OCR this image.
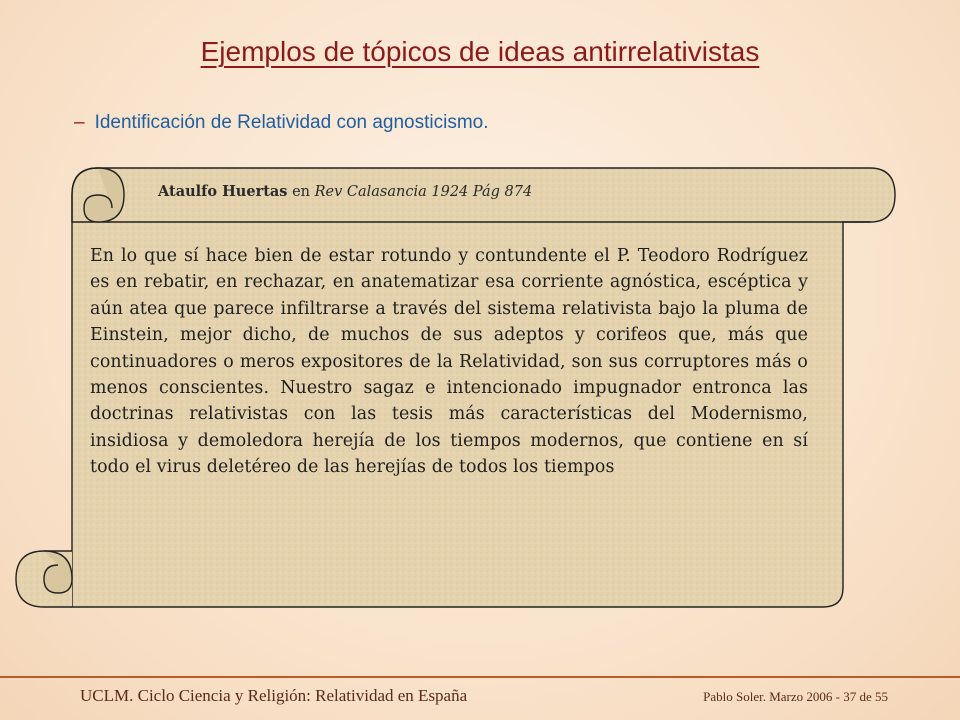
Ejemplos de tópicos de ideas antirrelativistas
– Identificación de Relatividad con agnosticismo.
Ataulfo Huertas en Rev Calasancia 1924 Pág 874
En lo que sí hace bien de estar rotundo y contundente el P. Teodoro Rodríguez es en rebatir, en rechazar, en anatematizar esa corriente agnóstica, escéptica y aún atea que parece infiltrarse a través del sistema relativista bajo la pluma de Einstein, mejor dicho, de muchos de sus adeptos y corifeos que, más que continuadores o meros expositores de la Relatividad, son sus corruptores más o menos conscientes. Nuestro sagaz e intencionado impugnador entronca las doctrinas relativistas con las tesis más características del Modernismo, insidiosa y demoledora herejía de los tiempos modernos, que contiene en sí todo el virus deletéreo de las herejías de todos los tiempos
UCLM. Ciclo Ciencia y Religión: Relatividad en España	Pablo Soler. Marzo 2006 - 37 de 55
